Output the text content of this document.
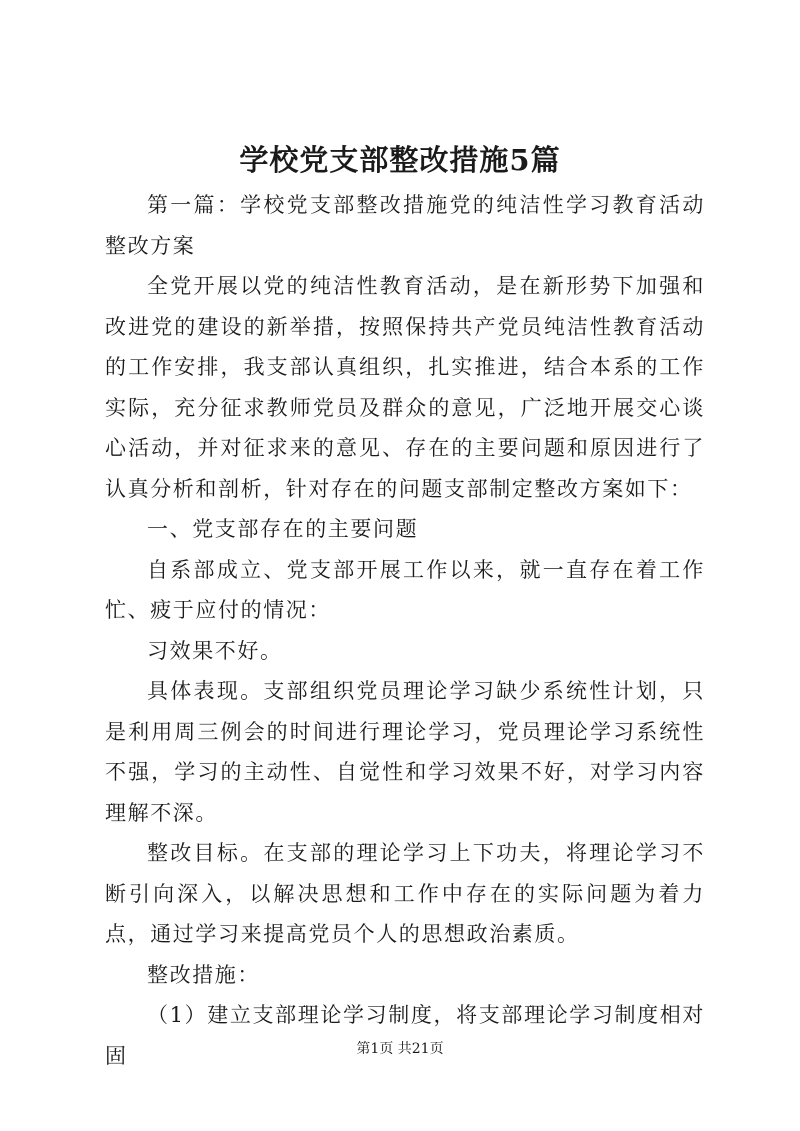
学校党支部整改措施5篇

第一篇：学校党支部整改措施党的纯洁性学习教育活动整改方案

全党开展以党的纯洁性教育活动，是在新形势下加强和改进党的建设的新举措，按照保持共产党员纯洁性教育活动的工作安排，我支部认真组织，扎实推进，结合本系的工作实际，充分征求教师党员及群众的意见，广泛地开展交心谈心活动，并对征求来的意见、存在的主要问题和原因进行了认真分析和剖析，针对存在的问题支部制定整改方案如下：

一、党支部存在的主要问题

自系部成立、党支部开展工作以来，就一直存在着工作忙、疲于应付的情况：

习效果不好。

具体表现。支部组织党员理论学习缺少系统性计划，只是利用周三例会的时间进行理论学习，党员理论学习系统性不强，学习的主动性、自觉性和学习效果不好，对学习内容理解不深。

整改目标。在支部的理论学习上下功夫，将理论学习不断引向深入，以解决思想和工作中存在的实际问题为着力点，通过学习来提高党员个人的思想政治素质。

整改措施：

（1）建立支部理论学习制度，将支部理论学习制度相对固	第1页 共21页
